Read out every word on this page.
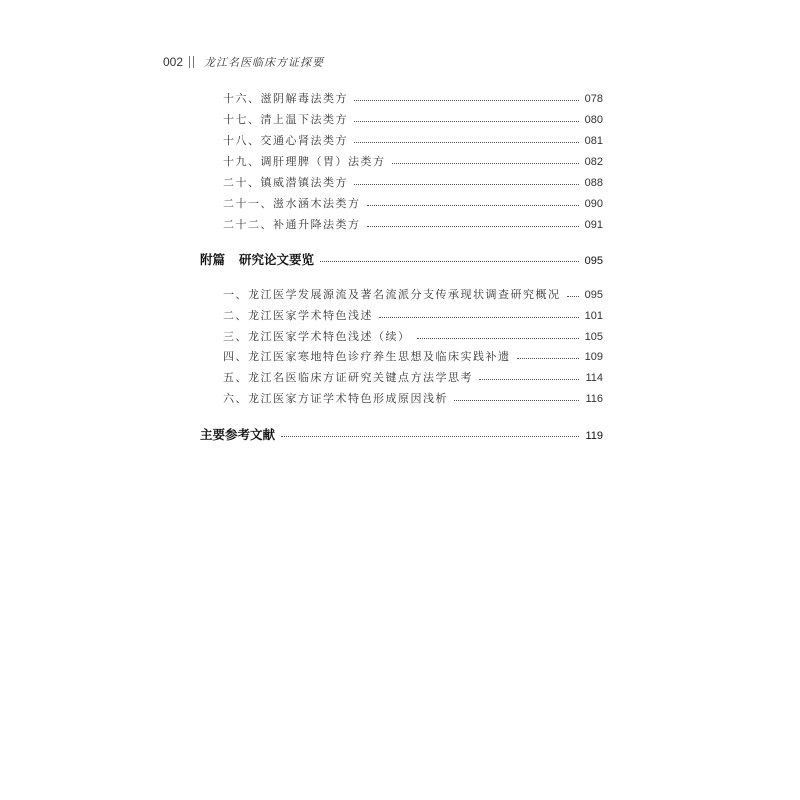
002 龙江名医临床方证探要
十六、滋阴解毒法类方	078
十七、清上温下法类方	080
十八、交通心肾法类方	081
十九、调肝理脾（胃）法类方	082
二十、镇威潜镇法类方	088
二十一、滋水涵木法类方	090
二十二、补通升降法类方	091
附篇 研究论文要览	095
一、龙江医学发展源流及著名流派分支传承现状调查研究概况 095
二、龙江医家学术特色浅述	101
三、龙江医家学术特色浅述（续）	105
四、龙江医家寒地特色诊疗养生思想及临床实践补遗	109
五、龙江名医临床方证研究关键点方法学思考	114
六、龙江医家方证学术特色形成原因浅析	116
主要参考文献	119
